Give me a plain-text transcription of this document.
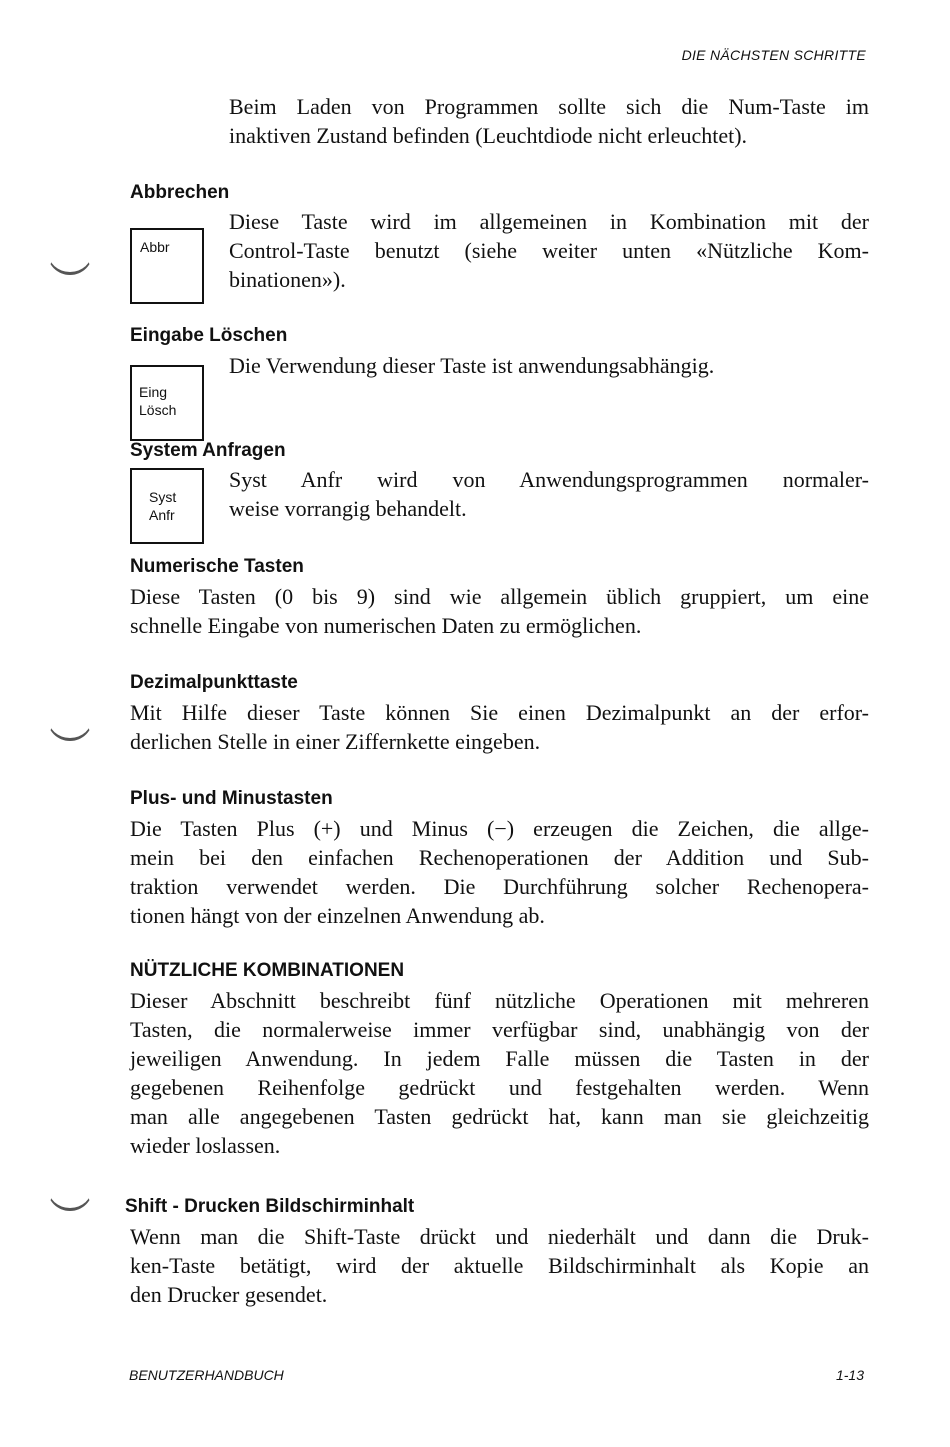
DIE NÄCHSTEN SCHRITTE

Beim Laden von Programmen sollte sich die Num-Taste im

inaktiven Zustand befinden (Leuchtdiode nicht erleuchtet).

Abbrechen
Abbr

Diese Taste wird im allgemeinen in Kombination mit der

Control-Taste benutzt (siehe weiter unten «Nützliche Kom-

binationen»).

Eingabe Löschen
Eing
Lösch

Die Verwendung dieser Taste ist anwendungsabhängig.

System Anfragen
Syst
Anfr

Syst Anfr wird von Anwendungsprogrammen normaler-

weise vorrangig behandelt.

Numerische Tasten

Diese Tasten (0 bis 9) sind wie allgemein üblich gruppiert, um eine

schnelle Eingabe von numerischen Daten zu ermöglichen.

Dezimalpunkttaste

Mit Hilfe dieser Taste können Sie einen Dezimalpunkt an der erfor-

derlichen Stelle in einer Ziffernkette eingeben.

Plus- und Minustasten

Die Tasten Plus (+) und Minus (−) erzeugen die Zeichen, die allge-

mein bei den einfachen Rechenoperationen der Addition und Sub-

traktion verwendet werden. Die Durchführung solcher Rechenopera-

tionen hängt von der einzelnen Anwendung ab.

NÜTZLICHE KOMBINATIONEN

Dieser Abschnitt beschreibt fünf nützliche Operationen mit mehreren

Tasten, die normalerweise immer verfügbar sind, unabhängig von der

jeweiligen Anwendung. In jedem Falle müssen die Tasten in der

gegebenen Reihenfolge gedrückt und festgehalten werden. Wenn

man alle angegebenen Tasten gedrückt hat, kann man sie gleichzeitig

wieder loslassen.

Shift - Drucken Bildschirminhalt

Wenn man die Shift-Taste drückt und niederhält und dann die Druk-

ken-Taste betätigt, wird der aktuelle Bildschirminhalt als Kopie an

den Drucker gesendet.

BENUTZERHANDBUCH	1-13
